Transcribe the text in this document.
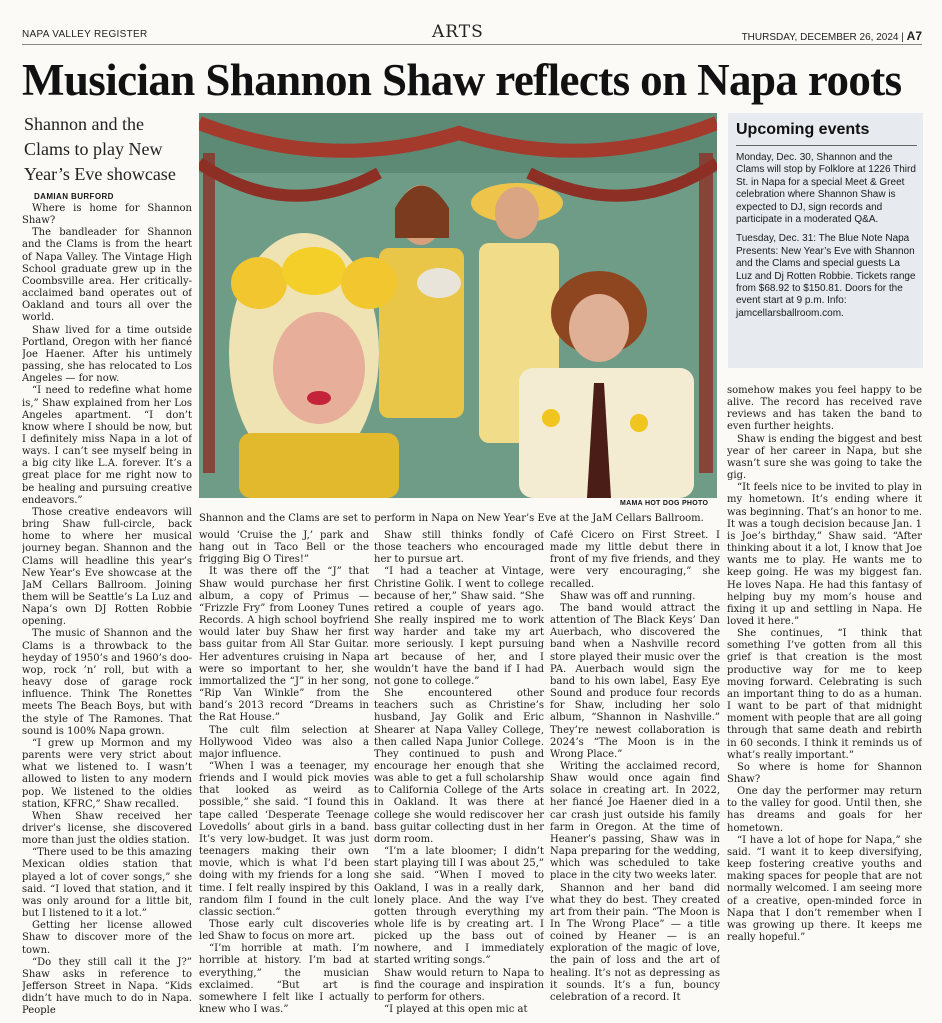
NAPA VALLEY REGISTER	ARTS	THURSDAY, DECEMBER 26, 2024 | A7
Musician Shannon Shaw reflects on Napa roots
Shannon and the Clams to play New Year’s Eve showcase
DAMIAN BURFORD
MAMA HOT DOG PHOTO
Shannon and the Clams are set to perform in Napa on New Year’s Eve at the JaM Cellars Ballroom.
Upcoming events

Monday, Dec. 30, Shannon and the Clams will stop by Folklore at 1226 Third St. in Napa for a special Meet & Greet celebration where Shannon Shaw is expected to DJ, sign records and participate in a moderated Q&A.

Tuesday, Dec. 31: The Blue Note Napa Presents: New Year’s Eve with Shannon and the Clams and special guests La Luz and Dj Rotten Robbie. Tickets range from $68.92 to $150.81. Doors for the event start at 9 p.m. Info: jamcellarsballroom.com.

Where is home for Shannon Shaw?

The bandleader for Shannon and the Clams is from the heart of Napa Valley. The Vintage High School graduate grew up in the Coombsville area. Her critically-acclaimed band operates out of Oakland and tours all over the world.

Shaw lived for a time outside Portland, Oregon with her fiancé Joe Haener. After his untimely passing, she has relocated to Los Angeles — for now.

“I need to redefine what home is,” Shaw explained from her Los Angeles apartment. “I don’t know where I should be now, but I definitely miss Napa in a lot of ways. I can’t see myself being in a big city like L.A. forever. It’s a great place for me right now to be healing and pursuing creative endeavors.”

Those creative endeavors will bring Shaw full-circle, back home to where her musical journey began. Shannon and the Clams will headline this year’s New Year’s Eve showcase at the JaM Cellars Ballroom. Joining them will be Seattle’s La Luz and Napa’s own DJ Rotten Robbie opening.

The music of Shannon and the Clams is a throwback to the heyday of 1950’s and 1960’s doo-wop, rock ’n’ roll, but with a heavy dose of garage rock influence. Think The Ronettes meets The Beach Boys, but with the style of The Ramones. That sound is 100% Napa grown.

“I grew up Mormon and my parents were very strict about what we listened to. I wasn’t allowed to listen to any modern pop. We listened to the oldies station, KFRC,” Shaw recalled.

When Shaw received her driver’s license, she discovered more than just the oldies station.

“There used to be this amazing Mexican oldies station that played a lot of cover songs,” she said. “I loved that station, and it was only around for a little bit, but I listened to it a lot.”

Getting her license allowed Shaw to discover more of the town.

“Do they still call it the J?” Shaw asks in reference to Jefferson Street in Napa. “Kids didn’t have much to do in Napa. People

would ‘Cruise the J,’ park and hang out in Taco Bell or the frigging Big O Tires!”

It was there off the “J” that Shaw would purchase her first album, a copy of Primus — “Frizzle Fry” from Looney Tunes Records. A high school boyfriend would later buy Shaw her first bass guitar from All Star Guitar. Her adventures cruising in Napa were so important to her, she immortalized the “J” in her song, “Rip Van Winkle” from the band’s 2013 record “Dreams in the Rat House.”

The cult film selection at Hollywood Video was also a major influence.

“When I was a teenager, my friends and I would pick movies that looked as weird as possible,” she said. “I found this tape called ‘Desperate Teenage Lovedolls’ about girls in a band. It’s very low-budget. It was just teenagers making their own movie, which is what I’d been doing with my friends for a long time. I felt really inspired by this random film I found in the cult classic section.”

Those early cult discoveries led Shaw to focus on more art.

“I’m horrible at math. I’m horrible at history. I’m bad at everything,” the musician exclaimed. “But art is somewhere I felt like I actually knew who I was.”

Shaw still thinks fondly of those teachers who encouraged her to pursue art.

“I had a teacher at Vintage, Christine Golik. I went to college because of her,” Shaw said. “She retired a couple of years ago. She really inspired me to work way harder and take my art more seriously. I kept pursuing art because of her, and I wouldn’t have the band if I had not gone to college.”

She encountered other teachers such as Christine’s husband, Jay Golik and Eric Shearer at Napa Valley College, then called Napa Junior College. They continued to push and encourage her enough that she was able to get a full scholarship to California College of the Arts in Oakland. It was there at college she would rediscover her bass guitar collecting dust in her dorm room.

“I’m a late bloomer; I didn’t start playing till I was about 25,” she said. “When I moved to Oakland, I was in a really dark, lonely place. And the way I’ve gotten through everything my whole life is by creating art. I picked up the bass out of nowhere, and I immediately started writing songs.”

Shaw would return to Napa to find the courage and inspiration to perform for others.

“I played at this open mic at

Café Cicero on First Street. I made my little debut there in front of my five friends, and they were very encouraging,” she recalled.

Shaw was off and running.

The band would attract the attention of The Black Keys’ Dan Auerbach, who discovered the band when a Nashville record store played their music over the PA. Auerbach would sign the band to his own label, Easy Eye Sound and produce four records for Shaw, including her solo album, “Shannon in Nashville.” They’re newest collaboration is 2024’s “The Moon is in the Wrong Place.”

Writing the acclaimed record, Shaw would once again find solace in creating art. In 2022, her fiancé Joe Haener died in a car crash just outside his family farm in Oregon. At the time of Heaner’s passing, Shaw was in Napa preparing for the wedding, which was scheduled to take place in the city two weeks later.

Shannon and her band did what they do best. They created art from their pain. “The Moon is In The Wrong Place” — a title coined by Heaner — is an exploration of the magic of love, the pain of loss and the art of healing. It’s not as depressing as it sounds. It’s a fun, bouncy celebration of a record. It

somehow makes you feel happy to be alive. The record has received rave reviews and has taken the band to even further heights.

Shaw is ending the biggest and best year of her career in Napa, but she wasn’t sure she was going to take the gig.

“It feels nice to be invited to play in my hometown. It’s ending where it was beginning. That’s an honor to me. It was a tough decision because Jan. 1 is Joe’s birthday,” Shaw said. “After thinking about it a lot, I know that Joe wants me to play. He wants me to keep going. He was my biggest fan. He loves Napa. He had this fantasy of helping buy my mom’s house and fixing it up and settling in Napa. He loved it here.”

She continues, “I think that something I’ve gotten from all this grief is that creation is the most productive way for me to keep moving forward. Celebrating is such an important thing to do as a human. I want to be part of that midnight moment with people that are all going through that same death and rebirth in 60 seconds. I think it reminds us of what’s really important.”

So where is home for Shannon Shaw?

One day the performer may return to the valley for good. Until then, she has dreams and goals for her hometown.

“I have a lot of hope for Napa,” she said. “I want it to keep diversifying, keep fostering creative youths and making spaces for people that are not normally welcomed. I am seeing more of a creative, open-minded force in Napa that I don’t remember when I was growing up there. It keeps me really hopeful.”
